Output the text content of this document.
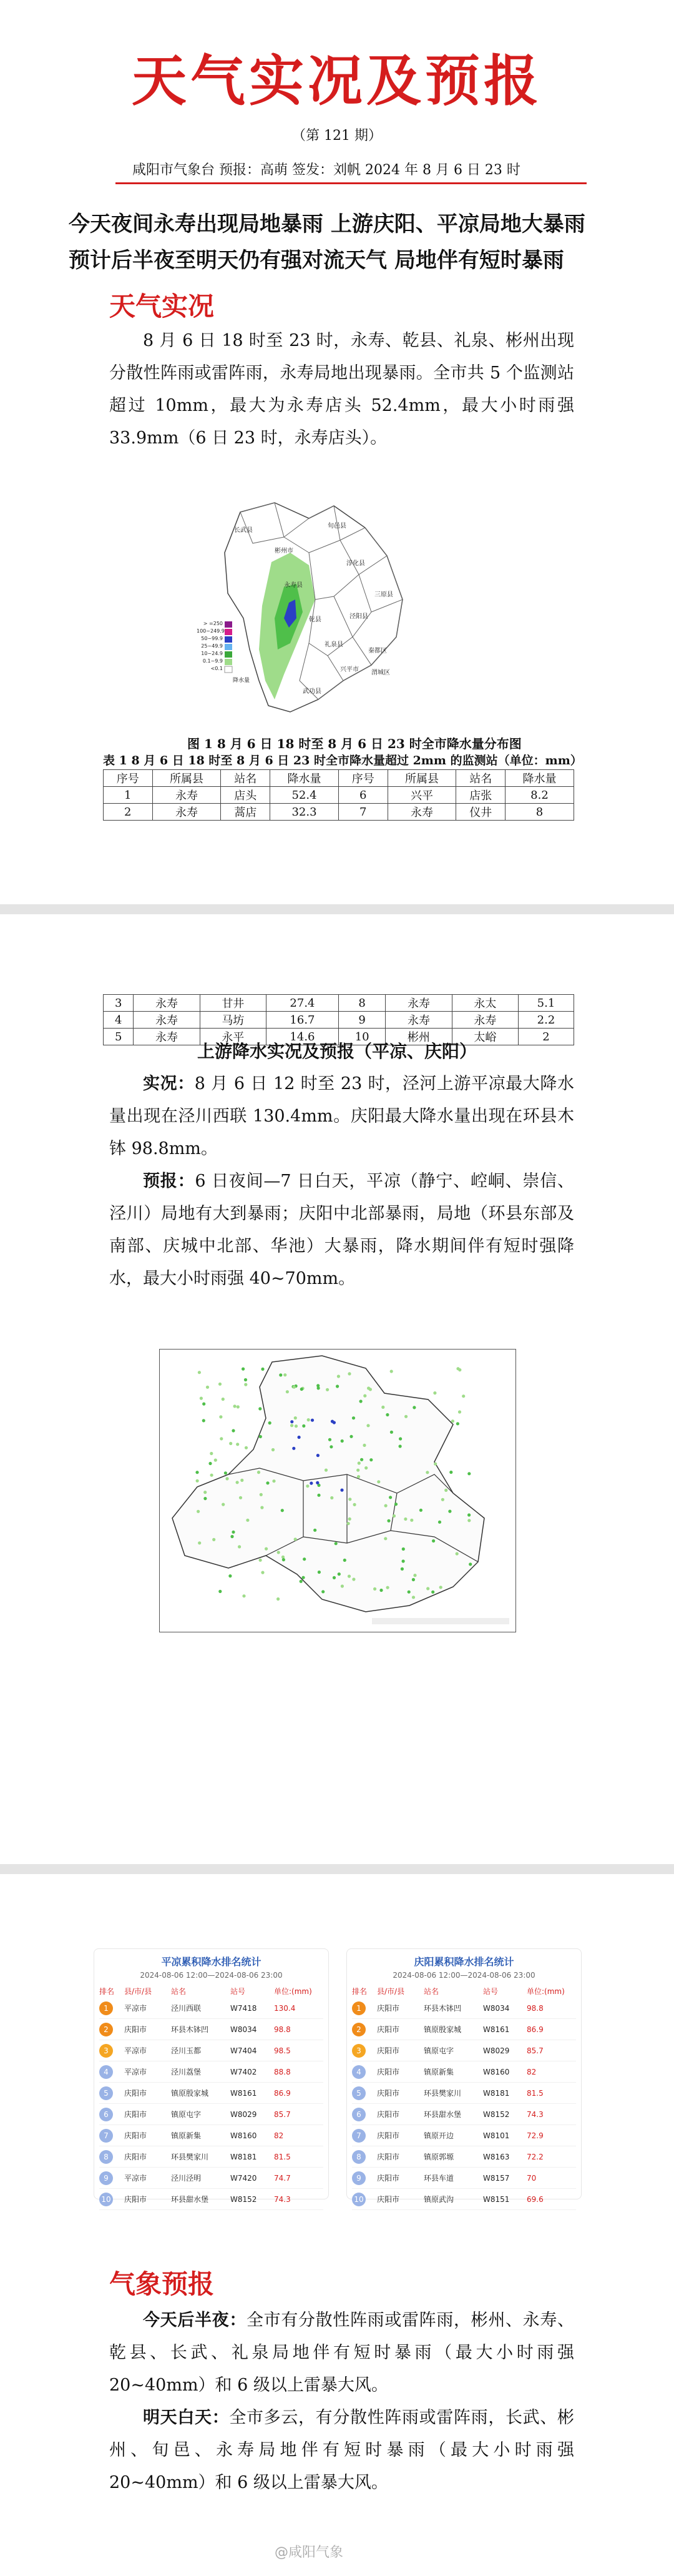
天气实况及预报
（第 121 期）
咸阳市气象台 预报：高萌 签发：刘帆 2024 年 8 月 6 日 23 时
今天夜间永寿出现局地暴雨 上游庆阳、平凉局地大暴雨
预计后半夜至明天仍有强对流天气 局地伴有短时暴雨
天气实况
8 月 6 日 18 时至 23 时，永寿、乾县、礼泉、彬州出现分散性阵雨或雷阵雨，永寿局地出现暴雨。全市共 5 个监测站超过 10mm，最大为永寿店头 52.4mm，最大小时雨强 33.9mm（6 日 23 时，永寿店头）。
长武县
旬邑县
彬州市
淳化县
永寿县
三原县
乾县	泾阳县
礼泉县
兴平市
秦都区
渭城区
武功县
> =250
100~249.9
50~99.9
25~49.9
10~24.9
0.1~9.9
<0.1
降水量
图 1 8 月 6 日 18 时至 8 月 6 日 23 时全市降水量分布图
表 1 8 月 6 日 18 时至 8 月 6 日 23 时全市降水量超过 2mm 的监测站（单位：mm）
序号	所属县	站名	降水量	序号	所属县	站名	降水量
1	永寿	店头	52.4	6	兴平	店张	8.2
2	永寿	蒿店	32.3	7	永寿	仪井	8
3	永寿	甘井	27.4	8	永寿	永太	5.1
4	永寿	马坊	16.7	9	永寿	永寿	2.2
5	永寿	永平	14.6	10	彬州	太峪	2
上游降水实况及预报（平凉、庆阳）
实况：8 月 6 日 12 时至 23 时，泾河上游平凉最大降水量出现在泾川西联 130.4mm。庆阳最大降水量出现在环县木钵 98.8mm。
预报：6 日夜间—7 日白天，平凉（静宁、崆峒、崇信、泾川）局地有大到暴雨；庆阳中北部暴雨，局地（环县东部及南部、庆城中北部、华池）大暴雨，降水期间伴有短时强降水，最大小时雨强 40~70mm。
平凉累积降水排名统计
2024-08-06 12:00—2024-08-06 23:00
排名	县/市/县	站名	站号	单位:(mm)
1	平凉市	泾川西联	W7418	130.4
2	庆阳市	环县木钵凹	W8034	98.8
3	平凉市	泾川玉都	W7404	98.5
4	平凉市	泾川荔堡	W7402	88.8
5	庆阳市	镇原殷家城	W8161	86.9
6	庆阳市	镇原屯字	W8029	85.7
7	庆阳市	镇原新集	W8160	82
8	庆阳市	环县樊家川	W8181	81.5
9	平凉市	泾川泾明	W7420	74.7
10	庆阳市	环县甜水堡	W8152	74.3
庆阳累积降水排名统计
2024-08-06 12:00—2024-08-06 23:00
排名	县/市/县	站名	站号	单位:(mm)
1	庆阳市	环县木钵凹	W8034	98.8
2	庆阳市	镇原殷家城	W8161	86.9
3	庆阳市	镇原屯字	W8029	85.7
4	庆阳市	镇原新集	W8160	82
5	庆阳市	环县樊家川	W8181	81.5
6	庆阳市	环县甜水堡	W8152	74.3
7	庆阳市	镇原开边	W8101	72.9
8	庆阳市	镇原郭塬	W8163	72.2
9	庆阳市	环县车道	W8157	70
10	庆阳市	镇原武沟	W8151	69.6
气象预报
今天后半夜：全市有分散性阵雨或雷阵雨，彬州、永寿、乾县、长武、礼泉局地伴有短时暴雨（最大小时雨强 20~40mm）和 6 级以上雷暴大风。
明天白天：全市多云，有分散性阵雨或雷阵雨，长武、彬州、旬邑、永寿局地伴有短时暴雨（最大小时雨强 20~40mm）和 6 级以上雷暴大风。
@咸阳气象
